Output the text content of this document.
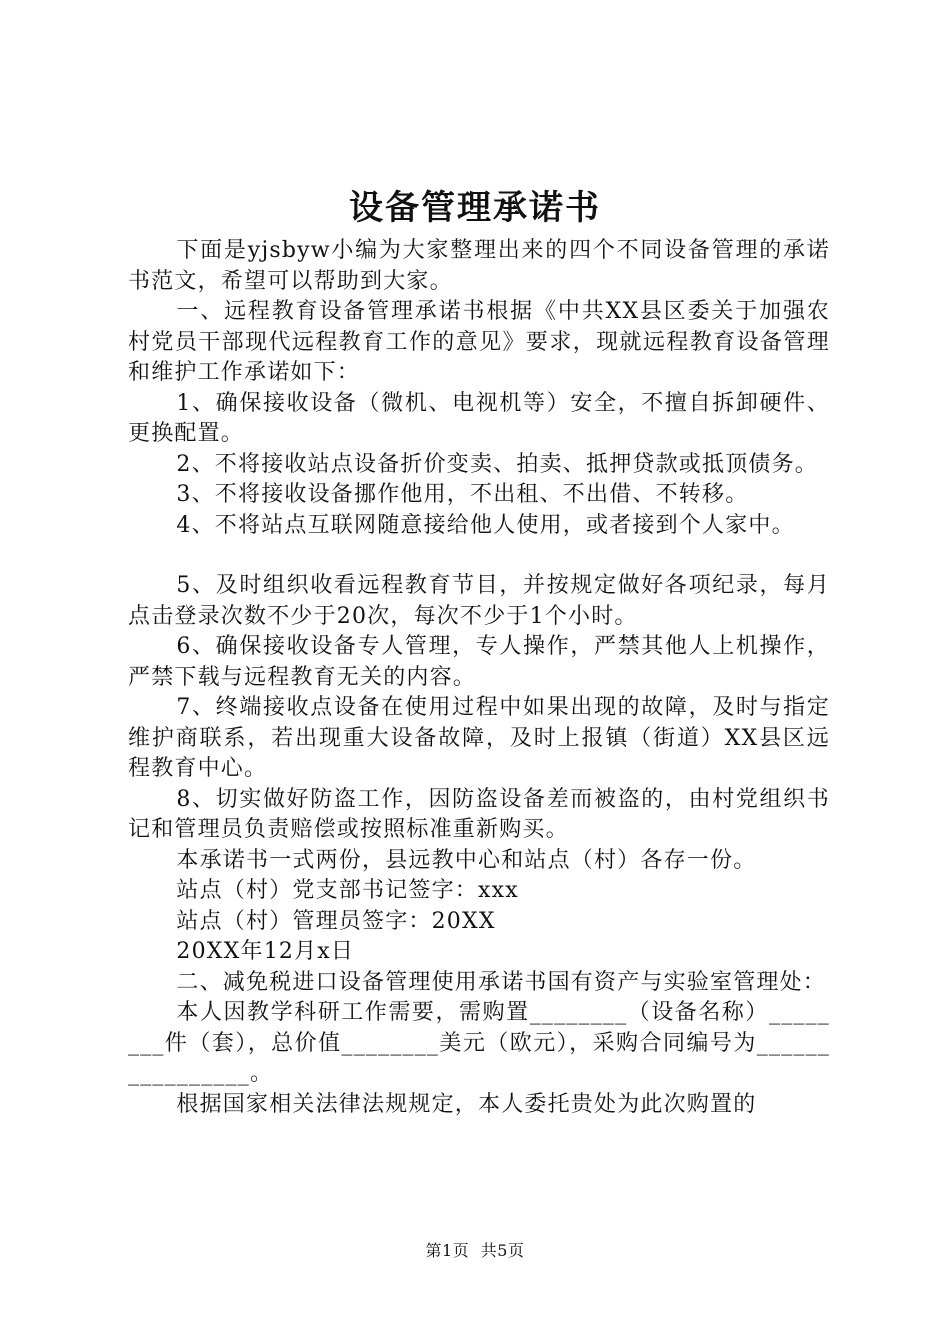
设备管理承诺书

下面是yjsbyw小编为大家整理出来的四个不同设备管理的承诺书范文，希望可以帮助到大家。

一、远程教育设备管理承诺书根据《中共XX县区委关于加强农村党员干部现代远程教育工作的意见》要求，现就远程教育设备管理和维护工作承诺如下：

1、确保接收设备（微机、电视机等）安全，不擅自拆卸硬件、更换配置。

2、不将接收站点设备折价变卖、拍卖、抵押贷款或抵顶债务。

3、不将接收设备挪作他用，不出租、不出借、不转移。

4、不将站点互联网随意接给他人使用，或者接到个人家中。

5、及时组织收看远程教育节目，并按规定做好各项纪录，每月点击登录次数不少于20次，每次不少于1个小时。

6、确保接收设备专人管理，专人操作，严禁其他人上机操作，严禁下载与远程教育无关的内容。

7、终端接收点设备在使用过程中如果出现的故障，及时与指定维护商联系，若出现重大设备故障，及时上报镇（街道）XX县区远程教育中心。

8、切实做好防盗工作，因防盗设备差而被盗的，由村党组织书记和管理员负责赔偿或按照标准重新购买。

本承诺书一式两份，县远教中心和站点（村）各存一份。

站点（村）党支部书记签字：xxx

站点（村）管理员签字：20XX

20XX年12月x日

二、减免税进口设备管理使用承诺书国有资产与实验室管理处：

本人因教学科研工作需要，需购置________（设备名称）________件（套），总价值________美元（欧元），采购合同编号为________________。

根据国家相关法律法规规定，本人委托贵处为此次购置的

第1页 共5页
